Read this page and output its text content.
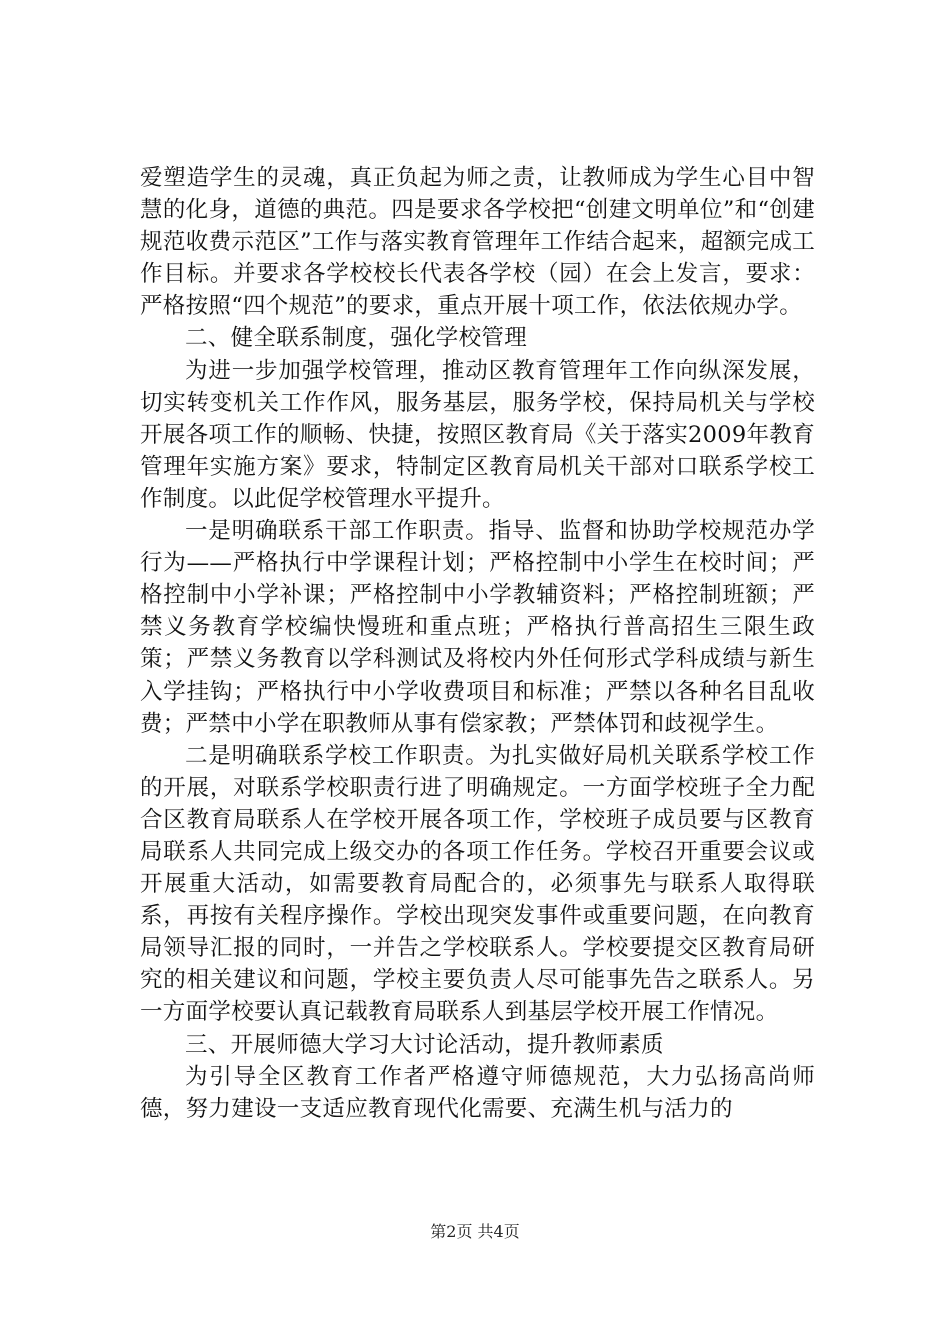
爱塑造学生的灵魂，真正负起为师之责，让教师成为学生心目中智慧的化身，道德的典范。四是要求各学校把“创建文明单位”和“创建规范收费示范区”工作与落实教育管理年工作结合起来，超额完成工作目标。并要求各学校校长代表各学校（园）在会上发言，要求：严格按照“四个规范”的要求，重点开展十项工作，依法依规办学。

二、健全联系制度，强化学校管理

为进一步加强学校管理，推动区教育管理年工作向纵深发展，切实转变机关工作作风，服务基层，服务学校，保持局机关与学校开展各项工作的顺畅、快捷，按照区教育局《关于落实2009年教育管理年实施方案》要求，特制定区教育局机关干部对口联系学校工作制度。以此促学校管理水平提升。

一是明确联系干部工作职责。指导、监督和协助学校规范办学行为——严格执行中学课程计划；严格控制中小学生在校时间；严格控制中小学补课；严格控制中小学教辅资料；严格控制班额；严禁义务教育学校编快慢班和重点班；严格执行普高招生三限生政策；严禁义务教育以学科测试及将校内外任何形式学科成绩与新生入学挂钩；严格执行中小学收费项目和标准；严禁以各种名目乱收费；严禁中小学在职教师从事有偿家教；严禁体罚和歧视学生。

二是明确联系学校工作职责。为扎实做好局机关联系学校工作的开展，对联系学校职责行进了明确规定。一方面学校班子全力配合区教育局联系人在学校开展各项工作，学校班子成员要与区教育局联系人共同完成上级交办的各项工作任务。学校召开重要会议或开展重大活动，如需要教育局配合的，必须事先与联系人取得联系，再按有关程序操作。学校出现突发事件或重要问题，在向教育局领导汇报的同时，一并告之学校联系人。学校要提交区教育局研究的相关建议和问题，学校主要负责人尽可能事先告之联系人。另一方面学校要认真记载教育局联系人到基层学校开展工作情况。

三、开展师德大学习大讨论活动，提升教师素质

为引导全区教育工作者严格遵守师德规范，大力弘扬高尚师德，努力建设一支适应教育现代化需要、充满生机与活力的

第2页 共4页
